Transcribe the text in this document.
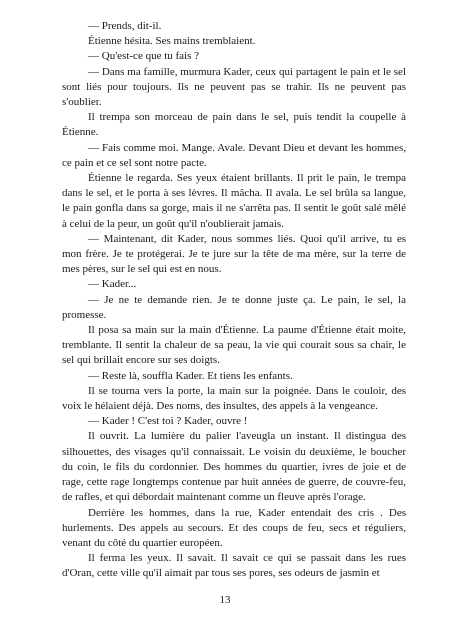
— Prends, dit-il.

Étienne hésita. Ses mains tremblaient.

— Qu'est-ce que tu fais ?

— Dans ma famille, murmura Kader, ceux qui partagent le pain et le sel sont liés pour toujours. Ils ne peuvent pas se trahir. Ils ne peuvent pas s'oublier.

Il trempa son morceau de pain dans le sel, puis tendit la coupelle à Étienne.

— Fais comme moi. Mange. Avale. Devant Dieu et devant les hommes, ce pain et ce sel sont notre pacte.

Étienne le regarda. Ses yeux étaient brillants. Il prit le pain, le trempa dans le sel, et le porta à ses lèvres. Il mâcha. Il avala. Le sel brûla sa langue, le pain gonfla dans sa gorge, mais il ne s'arrêta pas. Il sentit le goût salé mêlé à celui de la peur, un goût qu'il n'oublierait jamais.

— Maintenant, dit Kader, nous sommes liés. Quoi qu'il arrive, tu es mon frère. Je te protégerai. Je te jure sur la tête de ma mère, sur la terre de mes pères, sur le sel qui est en nous.

— Kader...

— Je ne te demande rien. Je te donne juste ça. Le pain, le sel, la promesse.

Il posa sa main sur la main d'Étienne. La paume d'Étienne était moite, tremblante. Il sentit la chaleur de sa peau, la vie qui courait sous sa chair, le sel qui brillait encore sur ses doigts.

— Reste là, souffla Kader. Et tiens les enfants.

Il se tourna vers la porte, la main sur la poignée. Dans le couloir, des voix le hélaient déjà. Des noms, des insultes, des appels à la vengeance.

— Kader ! C'est toi ? Kader, ouvre !

Il ouvrit. La lumière du palier l'aveugla un instant. Il distingua des silhouettes, des visages qu'il connaissait. Le voisin du deuxième, le boucher du coin, le fils du cordonnier. Des hommes du quartier, ivres de joie et de rage, cette rage longtemps contenue par huit années de guerre, de couvre-feu, de rafles, et qui débordait maintenant comme un fleuve après l'orage.

Derrière les hommes, dans la rue, Kader entendait des cris . Des hurlements. Des appels au secours. Et des coups de feu, secs et réguliers, venant du côté du quartier européen.

Il ferma les yeux. Il savait. Il savait ce qui se passait dans les rues d'Oran, cette ville qu'il aimait par tous ses pores, ses odeurs de jasmin et

13
